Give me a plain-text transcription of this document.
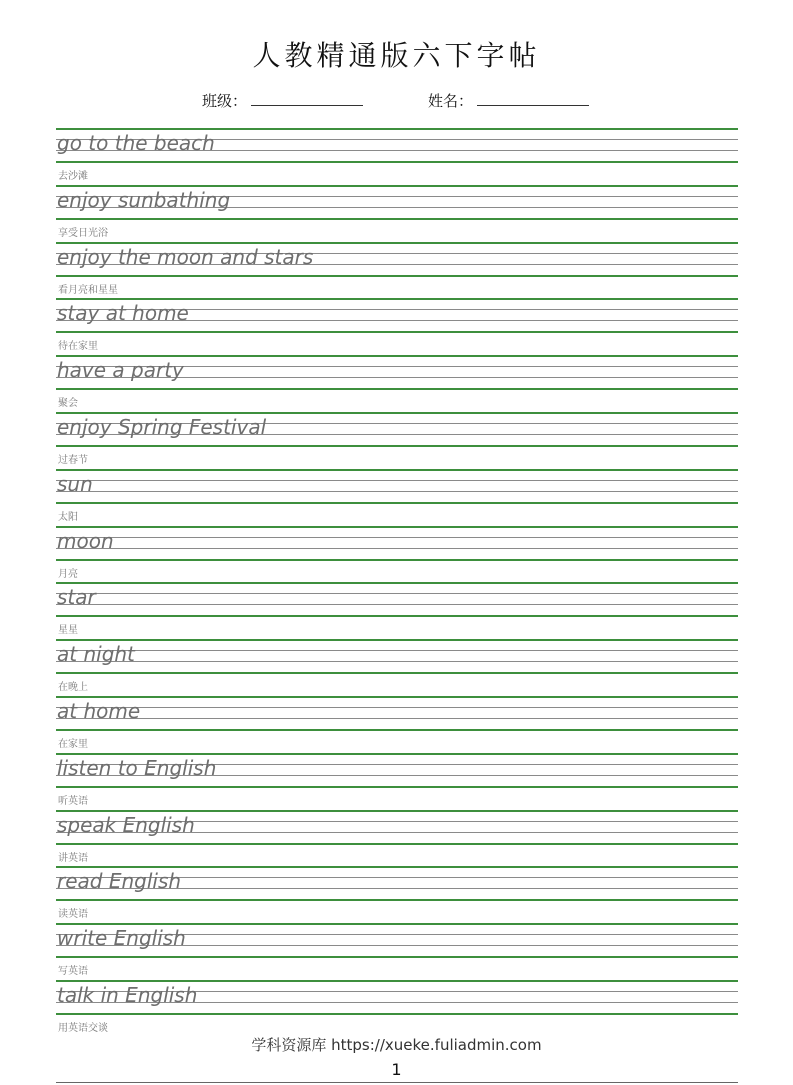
人教精通版六下字帖
班级：	姓名：
go to the beach
去沙滩
enjoy sunbathing
享受日光浴
enjoy the moon and stars
看月亮和星星
stay at home
待在家里
have a party
聚会
enjoy Spring Festival
过春节
sun
太阳
moon
月亮
star
星星
at night
在晚上
at home
在家里
listen to English
听英语
speak English
讲英语
read English
读英语
write English
写英语
talk in English
用英语交谈
学科资源库 https://xueke.fuliadmin.com
1
